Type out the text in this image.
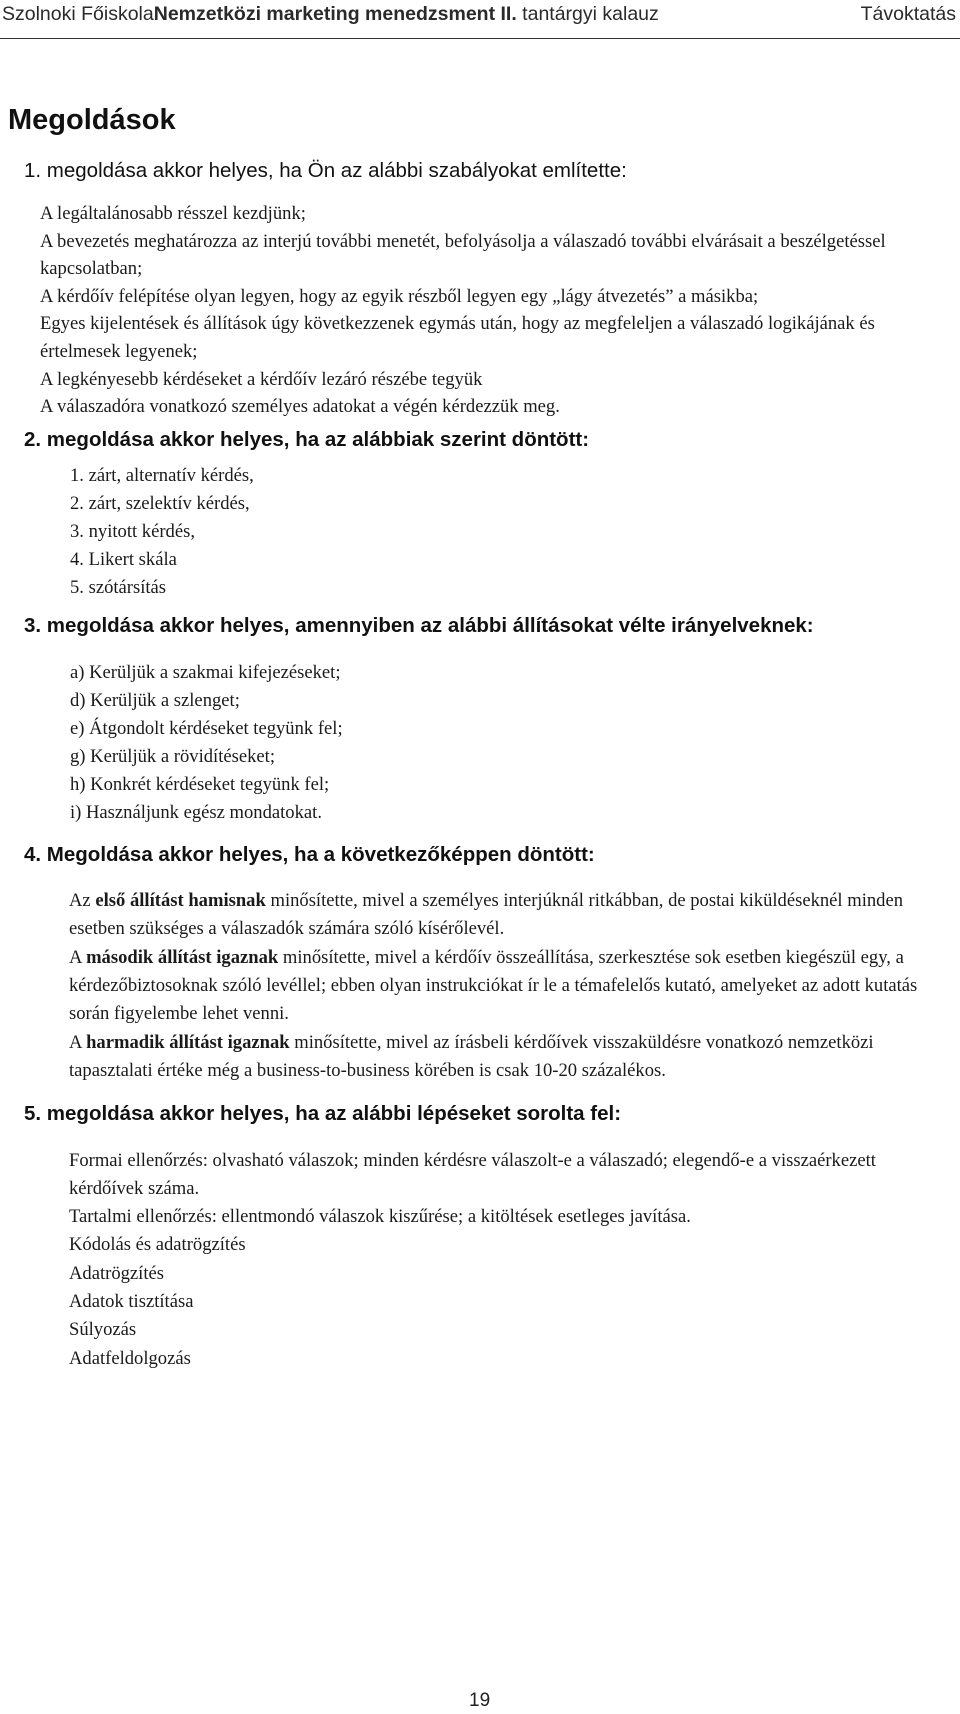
Szolnoki FőiskolaNemzetközi marketing menedzsment II. tantárgyi kalauz	Távoktatás
Megoldások
1. megoldása akkor helyes, ha Ön az alábbi szabályokat említette:
A legáltalánosabb résszel kezdjünk;
A bevezetés meghatározza az interjú további menetét, befolyásolja a válaszadó további elvárásait a beszélgetéssel kapcsolatban;
A kérdőív felépítése olyan legyen, hogy az egyik részből legyen egy „lágy átvezetés” a másikba;
Egyes kijelentések és állítások úgy következzenek egymás után, hogy az megfeleljen a válaszadó logikájának és értelmesek legyenek;
A legkényesebb kérdéseket a kérdőív lezáró részébe tegyük
A válaszadóra vonatkozó személyes adatokat a végén kérdezzük meg.
2. megoldása akkor helyes, ha az alábbiak szerint döntött:
1. zárt, alternatív kérdés,
2. zárt, szelektív kérdés,
3. nyitott kérdés,
4. Likert skála
5. szótársítás
3. megoldása akkor helyes, amennyiben az alábbi állításokat vélte irányelveknek:
a) Kerüljük a szakmai kifejezéseket;
d) Kerüljük a szlenget;
e) Átgondolt kérdéseket tegyünk fel;
g) Kerüljük a rövidítéseket;
h) Konkrét kérdéseket tegyünk fel;
i) Használjunk egész mondatokat.
4. Megoldása akkor helyes, ha a következőképpen döntött:
Az első állítást hamisnak minősítette, mivel a személyes interjúknál ritkábban, de postai kiküldéseknél minden esetben szükséges a válaszadók számára szóló kísérőlevél.
A második állítást igaznak minősítette, mivel a kérdőív összeállítása, szerkesztése sok esetben kiegészül egy, a kérdezőbiztosoknak szóló levéllel; ebben olyan instrukciókat ír le a témafelelős kutató, amelyeket az adott kutatás során figyelembe lehet venni.
A harmadik állítást igaznak minősítette, mivel az írásbeli kérdőívek visszaküldésre vonatkozó nemzetközi tapasztalati értéke még a business-to-business körében is csak 10-20 százalékos.
5. megoldása akkor helyes, ha az alábbi lépéseket sorolta fel:
Formai ellenőrzés: olvasható válaszok; minden kérdésre válaszolt-e a válaszadó; elegendő-e a visszaérkezett kérdőívek száma.
Tartalmi ellenőrzés: ellentmondó válaszok kiszűrése; a kitöltések esetleges javítása.
Kódolás és adatrögzítés
Adatrögzítés
Adatok tisztítása
Súlyozás
Adatfeldolgozás
19
